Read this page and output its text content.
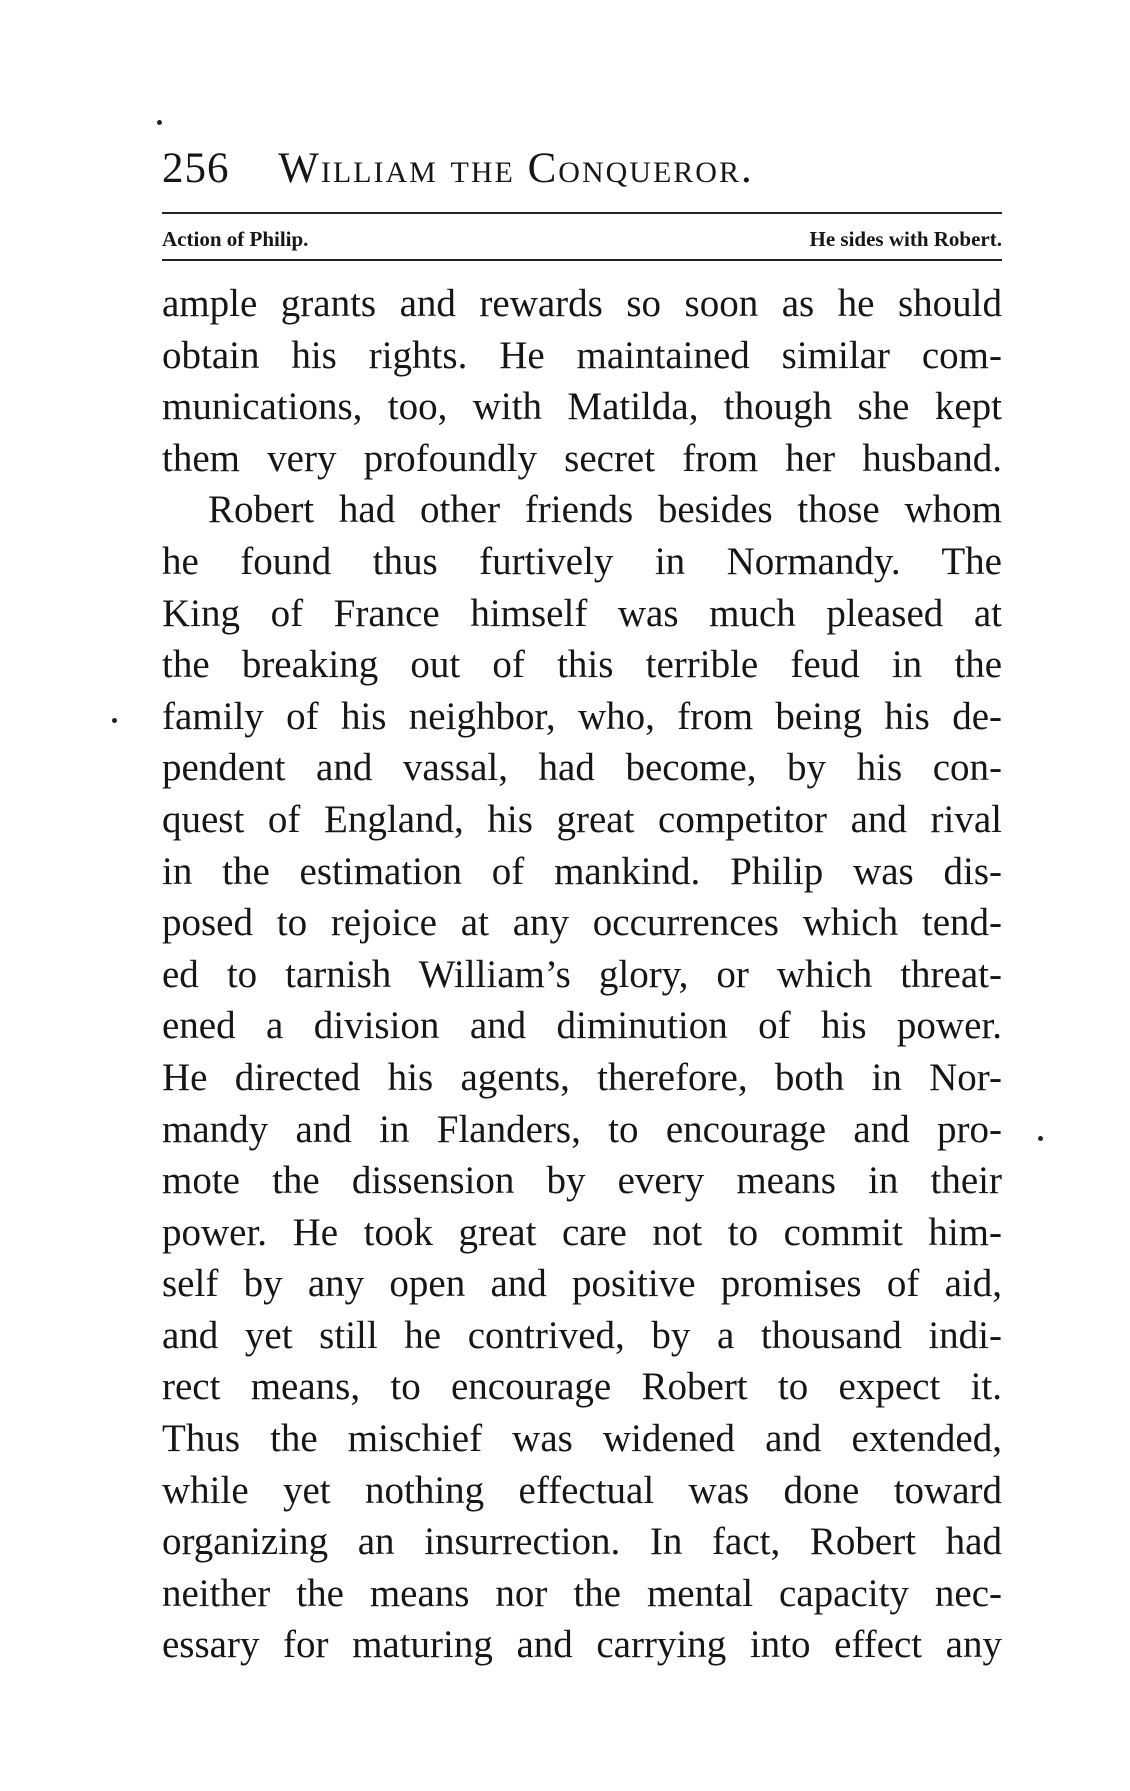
256 William the Conqueror.
Action of Philip.	He sides with Robert.
ample grants and rewards so soon as he should
obtain his rights. He maintained similar com-
munications, too, with Matilda, though she kept
them very profoundly secret from her husband.
Robert had other friends besides those whom
he found thus furtively in Normandy. The
King of France himself was much pleased at
the breaking out of this terrible feud in the
family of his neighbor, who, from being his de-
pendent and vassal, had become, by his con-
quest of England, his great competitor and rival
in the estimation of mankind. Philip was dis-
posed to rejoice at any occurrences which tend-
ed to tarnish William’s glory, or which threat-
ened a division and diminution of his power.
He directed his agents, therefore, both in Nor-
mandy and in Flanders, to encourage and pro-
mote the dissension by every means in their
power. He took great care not to commit him-
self by any open and positive promises of aid,
and yet still he contrived, by a thousand indi-
rect means, to encourage Robert to expect it.
Thus the mischief was widened and extended,
while yet nothing effectual was done toward
organizing an insurrection. In fact, Robert had
neither the means nor the mental capacity nec-
essary for maturing and carrying into effect any
